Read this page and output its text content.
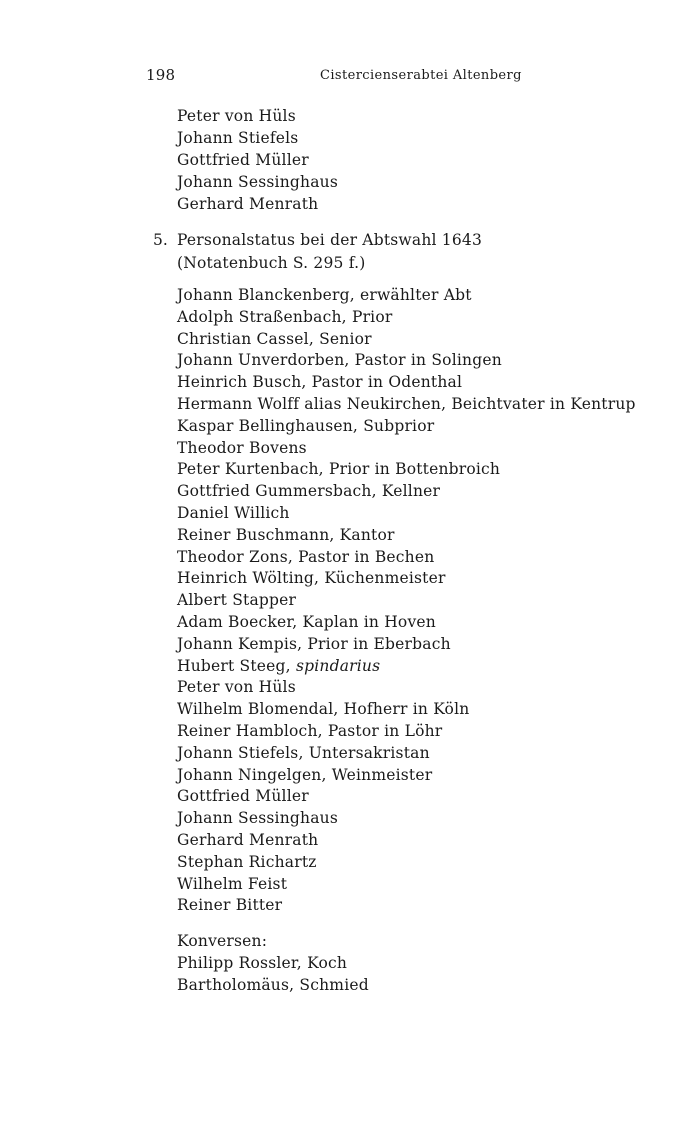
198	Cistercienserabtei Altenberg
Peter von Hüls
Johann Stiefels
Gottfried Müller
Johann Sessinghaus
Gerhard Menrath
5. Personalstatus bei der Abtswahl 1643
(Notatenbuch S. 295 f.)
Johann Blanckenberg, erwählter Abt
Adolph Straßenbach, Prior
Christian Cassel, Senior
Johann Unverdorben, Pastor in Solingen
Heinrich Busch, Pastor in Odenthal
Hermann Wolff alias Neukirchen, Beichtvater in Kentrup
Kaspar Bellinghausen, Subprior
Theodor Bovens
Peter Kurtenbach, Prior in Bottenbroich
Gottfried Gummersbach, Kellner
Daniel Willich
Reiner Buschmann, Kantor
Theodor Zons, Pastor in Bechen
Heinrich Wölting, Küchenmeister
Albert Stapper
Adam Boecker, Kaplan in Hoven
Johann Kempis, Prior in Eberbach
Hubert Steeg, spindarius
Peter von Hüls
Wilhelm Blomendal, Hofherr in Köln
Reiner Hambloch, Pastor in Löhr
Johann Stiefels, Untersakristan
Johann Ningelgen, Weinmeister
Gottfried Müller
Johann Sessinghaus
Gerhard Menrath
Stephan Richartz
Wilhelm Feist
Reiner Bitter
Konversen:
Philipp Rossler, Koch
Bartholomäus, Schmied
